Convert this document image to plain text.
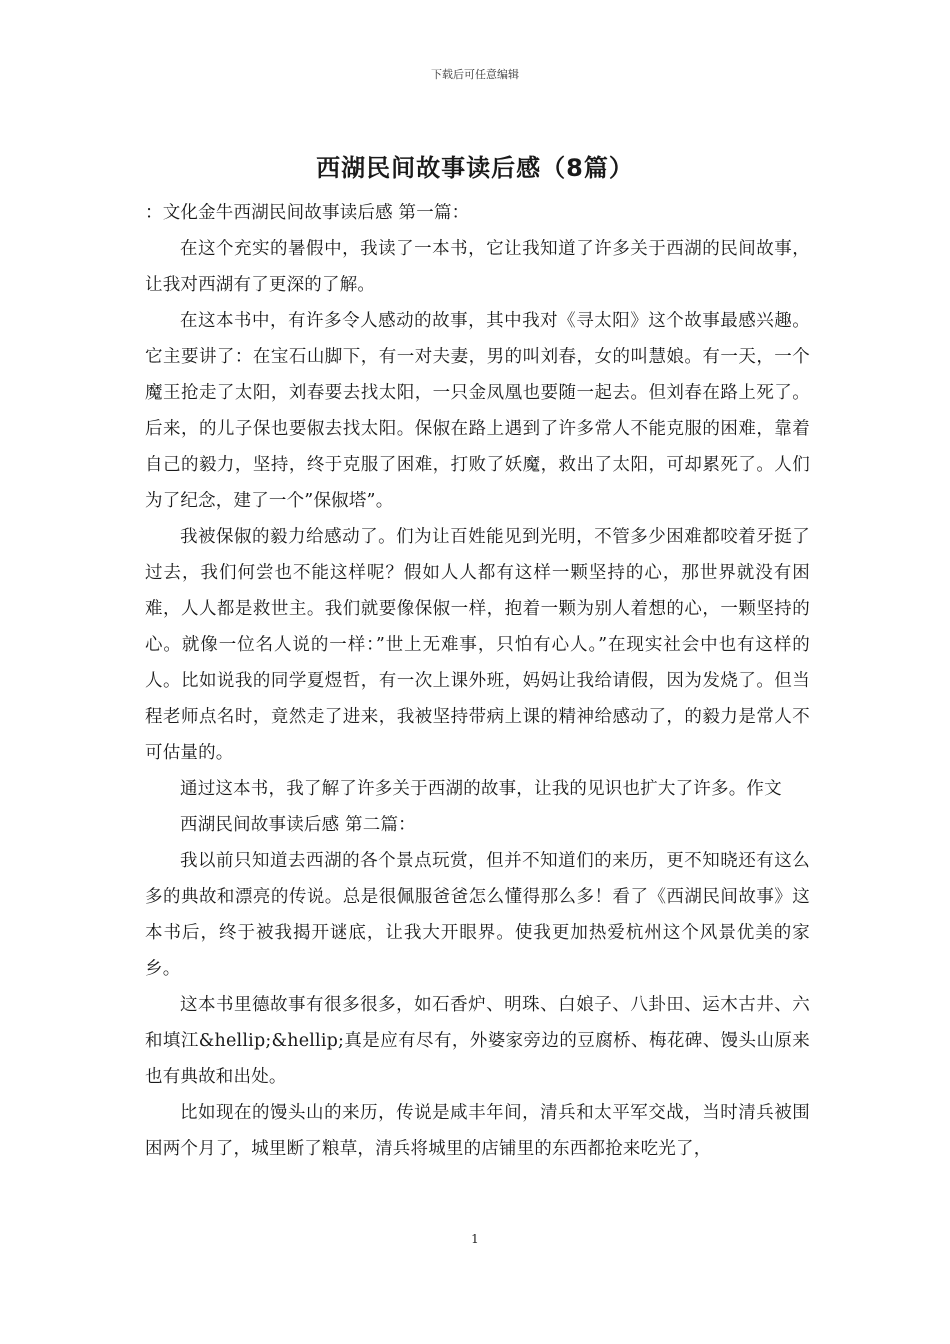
下载后可任意编辑
西湖民间故事读后感（8篇）

：文化金牛西湖民间故事读后感 第一篇：

在这个充实的暑假中，我读了一本书，它让我知道了许多关于西湖的民间故事，让我对西湖有了更深的了解。

在这本书中，有许多令人感动的故事，其中我对《寻太阳》这个故事最感兴趣。它主要讲了：在宝石山脚下，有一对夫妻，男的叫刘春，女的叫慧娘。有一天，一个魔王抢走了太阳，刘春要去找太阳，一只金凤凰也要随一起去。但刘春在路上死了。后来，的儿子保也要俶去找太阳。保俶在路上遇到了许多常人不能克服的困难，靠着自己的毅力，坚持，终于克服了困难，打败了妖魔，救出了太阳，可却累死了。人们为了纪念，建了一个”保俶塔”。

我被保俶的毅力给感动了。们为让百姓能见到光明，不管多少困难都咬着牙挺了过去，我们何尝也不能这样呢？假如人人都有这样一颗坚持的心，那世界就没有困难，人人都是救世主。我们就要像保俶一样，抱着一颗为别人着想的心，一颗坚持的心。就像一位名人说的一样：”世上无难事，只怕有心人。”在现实社会中也有这样的人。比如说我的同学夏煜哲，有一次上课外班，妈妈让我给请假，因为发烧了。但当程老师点名时，竟然走了进来，我被坚持带病上课的精神给感动了，的毅力是常人不可估量的。

通过这本书，我了解了许多关于西湖的故事，让我的见识也扩大了许多。作文

西湖民间故事读后感 第二篇：

我以前只知道去西湖的各个景点玩赏，但并不知道们的来历，更不知晓还有这么多的典故和漂亮的传说。总是很佩服爸爸怎么懂得那么多！看了《西湖民间故事》这本书后，终于被我揭开谜底，让我大开眼界。使我更加热爱杭州这个风景优美的家乡。

这本书里德故事有很多很多，如石香炉、明珠、白娘子、八卦田、运木古井、六和填江&hellip;&hellip;真是应有尽有，外婆家旁边的豆腐桥、梅花碑、馒头山原来也有典故和出处。

比如现在的馒头山的来历，传说是咸丰年间，清兵和太平军交战，当时清兵被围困两个月了，城里断了粮草，清兵将城里的店铺里的东西都抢来吃光了，

1
